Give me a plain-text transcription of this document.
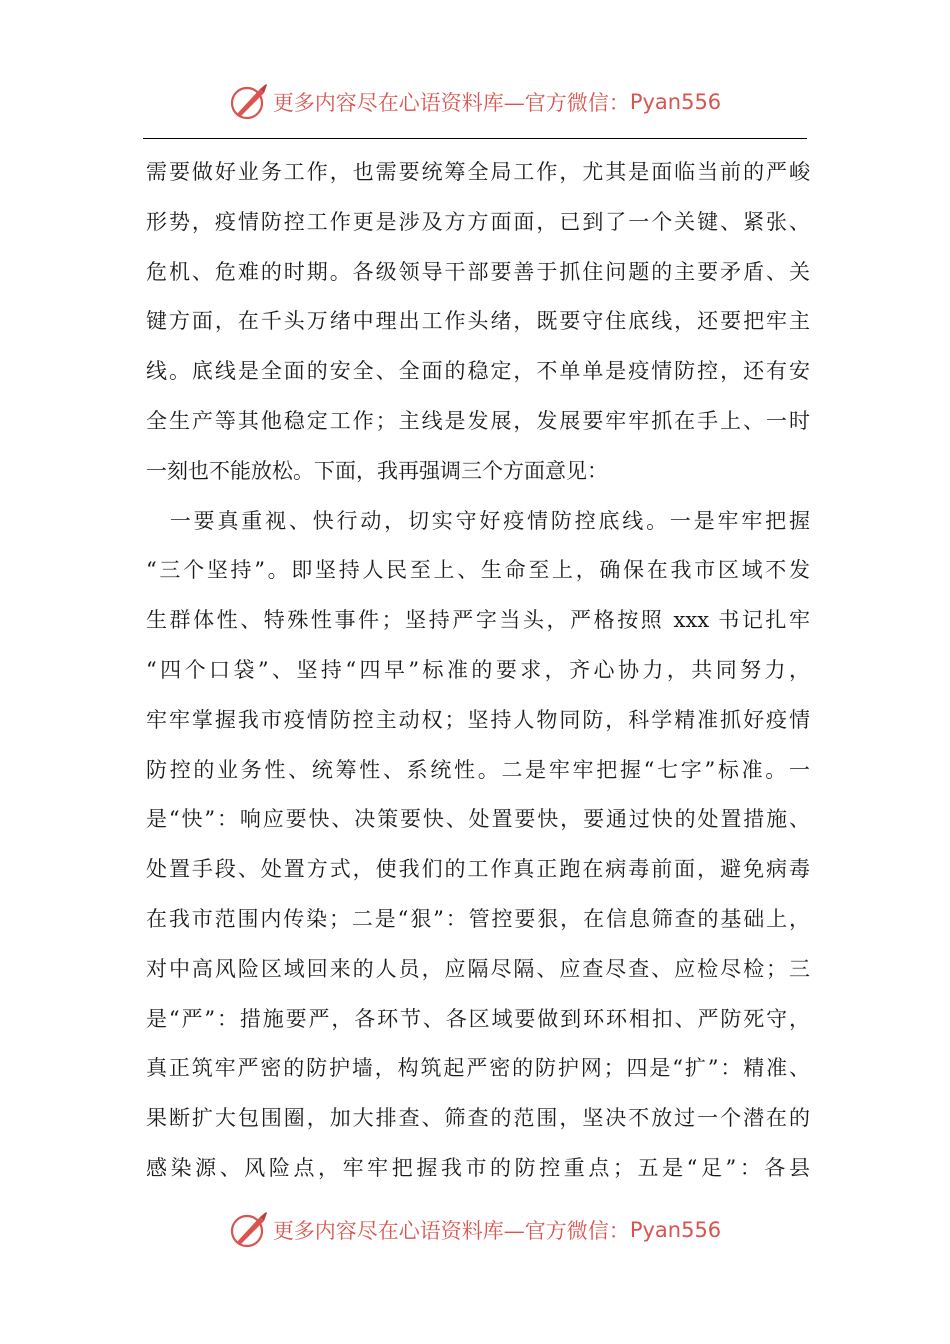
更多内容尽在心语资料库—官方微信： Pyan556
需要做好业务工作，也需要统筹全局工作，尤其是面临当前的严峻
形势，疫情防控工作更是涉及方方面面，已到了一个关键、紧张、
危机、危难的时期。各级领导干部要善于抓住问题的主要矛盾、关
键方面，在千头万绪中理出工作头绪，既要守住底线，还要把牢主
线。底线是全面的安全、全面的稳定，不单单是疫情防控，还有安
全生产等其他稳定工作；主线是发展，发展要牢牢抓在手上、一时
一刻也不能放松。下面，我再强调三个方面意见：
　一要真重视、快行动，切实守好疫情防控底线。一是牢牢把握
“三个坚持”。即坚持人民至上、生命至上，确保在我市区域不发
生群体性、特殊性事件；坚持严字当头，严格按照 xxx 书记扎牢
“四个口袋”、坚持“四早”标准的要求，齐心协力，共同努力，
牢牢掌握我市疫情防控主动权；坚持人物同防，科学精准抓好疫情
防控的业务性、统筹性、系统性。二是牢牢把握“七字”标准。一
是“快”：响应要快、决策要快、处置要快，要通过快的处置措施、
处置手段、处置方式，使我们的工作真正跑在病毒前面，避免病毒
在我市范围内传染；二是“狠”：管控要狠，在信息筛查的基础上，
对中高风险区域回来的人员，应隔尽隔、应查尽查、应检尽检；三
是“严”：措施要严，各环节、各区域要做到环环相扣、严防死守，
真正筑牢严密的防护墙，构筑起严密的防护网；四是“扩”：精准、
果断扩大包围圈，加大排查、筛查的范围，坚决不放过一个潜在的
感染源、风险点，牢牢把握我市的防控重点；五是“足”：各县
更多内容尽在心语资料库—官方微信： Pyan556
